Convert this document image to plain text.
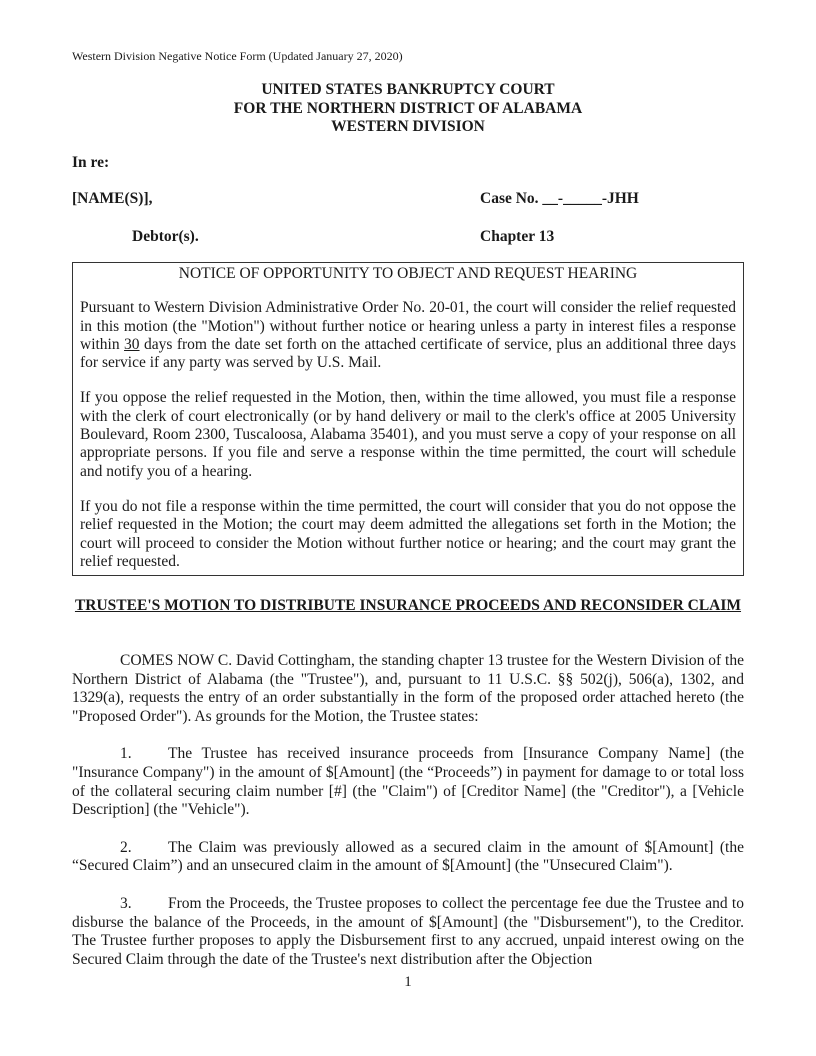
Western Division Negative Notice Form (Updated January 27, 2020)
UNITED STATES BANKRUPTCY COURT
FOR THE NORTHERN DISTRICT OF ALABAMA
WESTERN DIVISION
In re:
[NAME(S)],	Case No. __-_____-JHH
Debtor(s).	Chapter 13
NOTICE OF OPPORTUNITY TO OBJECT AND REQUEST HEARING

Pursuant to Western Division Administrative Order No. 20-01, the court will consider the relief requested in this motion (the "Motion") without further notice or hearing unless a party in interest files a response within 30 days from the date set forth on the attached certificate of service, plus an additional three days for service if any party was served by U.S. Mail.

If you oppose the relief requested in the Motion, then, within the time allowed, you must file a response with the clerk of court electronically (or by hand delivery or mail to the clerk's office at 2005 University Boulevard, Room 2300, Tuscaloosa, Alabama 35401), and you must serve a copy of your response on all appropriate persons. If you file and serve a response within the time permitted, the court will schedule and notify you of a hearing.

If you do not file a response within the time permitted, the court will consider that you do not oppose the relief requested in the Motion; the court may deem admitted the allegations set forth in the Motion; the court will proceed to consider the Motion without further notice or hearing; and the court may grant the relief requested.

TRUSTEE'S MOTION TO DISTRIBUTE INSURANCE PROCEEDS AND RECONSIDER CLAIM

COMES NOW C. David Cottingham, the standing chapter 13 trustee for the Western Division of the Northern District of Alabama (the "Trustee"), and, pursuant to 11 U.S.C. §§ 502(j), 506(a), 1302, and 1329(a), requests the entry of an order substantially in the form of the proposed order attached hereto (the "Proposed Order"). As grounds for the Motion, the Trustee states:

1. The Trustee has received insurance proceeds from [Insurance Company Name] (the "Insurance Company") in the amount of $[Amount] (the “Proceeds”) in payment for damage to or total loss of the collateral securing claim number [#] (the "Claim") of [Creditor Name] (the "Creditor"), a [Vehicle Description] (the "Vehicle").

2. The Claim was previously allowed as a secured claim in the amount of $[Amount] (the “Secured Claim”) and an unsecured claim in the amount of $[Amount] (the "Unsecured Claim").

3. From the Proceeds, the Trustee proposes to collect the percentage fee due the Trustee and to disburse the balance of the Proceeds, in the amount of $[Amount] (the "Disbursement"), to the Creditor. The Trustee further proposes to apply the Disbursement first to any accrued, unpaid interest owing on the Secured Claim through the date of the Trustee's next distribution after the Objection

1
